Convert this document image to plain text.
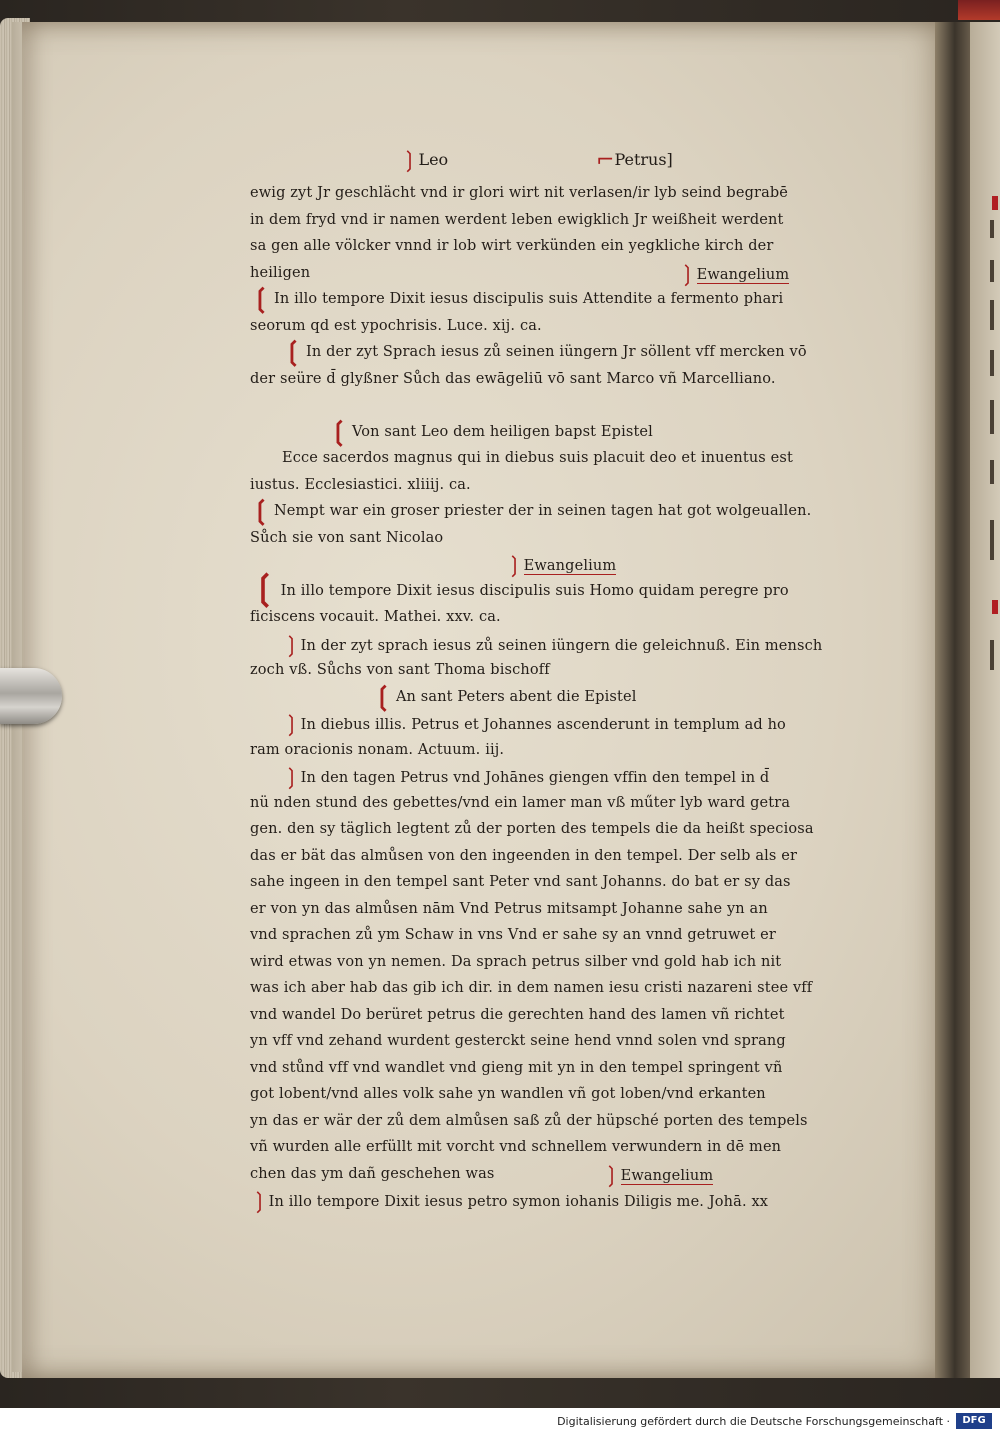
❳Leo	⌐Petrus]
ewig zyt Jr geschlächt vnd ir glori wirt nit verlasen/ir lyb seind begrabē
in dem fryd vnd ir namen werdent leben ewigklich Jr weißheit werdent
sa gen alle völcker vnnd ir lob wirt verkünden ein yegkliche kirch der
heiligen	❳Ewangelium
❲ In illo tempore Dixit iesus discipulis suis Attendite a fermento phari
seorum qd est ypochrisis. Luce. xij. ca.
❲ In der zyt Sprach iesus zů seinen iüngern Jr söllent vff mercken vō
der seüre d̄ glyßner Sůch das ewāgeliū vō sant Marco vñ Marcelliano.
❲ Von sant Leo dem heiligen bapst Epistel
Ecce sacerdos magnus qui in diebus suis placuit deo et inuentus est
iustus. Ecclesiastici. xliiij. ca.
❲ Nempt war ein groser priester der in seinen tagen hat got wolgeuallen.
Sůch sie von sant Nicolao
❳Ewangelium
❲ In illo tempore Dixit iesus discipulis suis Homo quidam peregre pro
ficiscens vocauit. Mathei. xxv. ca.
❳In der zyt sprach iesus zů seinen iüngern die geleichnuß. Ein mensch
zoch vß. Sůchs von sant Thoma bischoff
❲ An sant Peters abent die Epistel
❳In diebus illis. Petrus et Johannes ascenderunt in templum ad ho
ram oracionis nonam. Actuum. iij.
❳In den tagen Petrus vnd Johānes giengen vffin den tempel in d̄
nü nden stund des gebettes/vnd ein lamer man vß műter lyb ward getra
gen. den sy täglich legtent zů der porten des tempels die da heißt speciosa
das er bät das almůsen von den ingeenden in den tempel. Der selb als er
sahe ingeen in den tempel sant Peter vnd sant Johanns. do bat er sy das
er von yn das almůsen nām Vnd Petrus mitsampt Johanne sahe yn an
vnd sprachen zů ym Schaw in vns Vnd er sahe sy an vnnd getruwet er
wird etwas von yn nemen. Da sprach petrus silber vnd gold hab ich nit
was ich aber hab das gib ich dir. in dem namen iesu cristi nazareni stee vff
vnd wandel Do berüret petrus die gerechten hand des lamen vñ richtet
yn vff vnd zehand wurdent gesterckt seine hend vnnd solen vnd sprang
vnd stůnd vff vnd wandlet vnd gieng mit yn in den tempel springent vñ
got lobent/vnd alles volk sahe yn wandlen vñ got loben/vnd erkanten
yn das er wär der zů dem almůsen saß zů der hüpsché porten des tempels
vñ wurden alle erfüllt mit vorcht vnd schnellem verwundern in dē men
chen das ym dañ geschehen was	❳Ewangelium
❳In illo tempore Dixit iesus petro symon iohanis Diligis me. Johā. xx
Digitalisierung gefördert durch die Deutsche Forschungsgemeinschaft ·	DFG
